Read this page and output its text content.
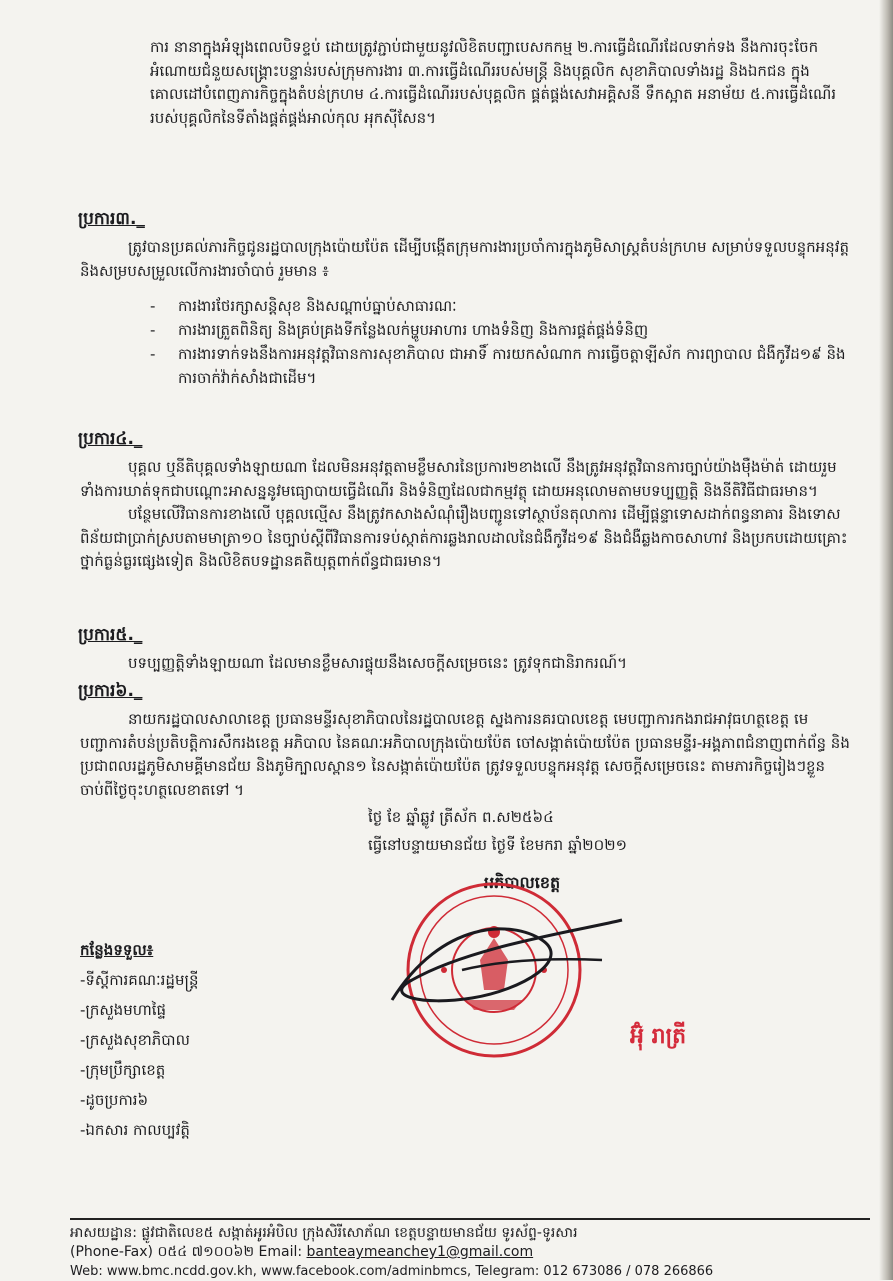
ការ នានាក្នុងអំឡុងពេលបិទខ្ទប់ ដោយត្រូវភ្ជាប់ជាមួយនូវលិខិតបញ្ជាបេសកកម្ម ២.ការធ្វើដំណើរដែលទាក់ទង នឹងការចុះចែកអំណោយជំនួយសង្គ្រោះបន្ទាន់របស់ក្រុមការងារ ៣.ការធ្វើដំណើររបស់មន្ត្រី និងបុគ្គលិក សុខាភិបាលទាំងរដ្ឋ និងឯកជន ក្នុងគោលដៅបំពេញភារកិច្ចក្នុងតំបន់ក្រហម ៤.ការធ្វើដំណើររបស់បុគ្គលិក ផ្គត់ផ្គង់សេវាអគ្គិសនី ទឹកស្អាត អនាម័យ ៥.ការធ្វើដំណើររបស់បុគ្គលិកនៃទីតាំងផ្គត់ផ្គង់អាល់កុល អុកស៊ីសែន។

ប្រការ៣._

ត្រូវបានប្រគល់ភារកិច្ចជូនរដ្ឋបាលក្រុងប៉ោយប៉ែត ដើម្បីបង្កើតក្រុមការងារប្រចាំការក្នុងភូមិសាស្ត្រតំបន់ក្រហម សម្រាប់ទទួលបន្ទុកអនុវត្ត និងសម្របសម្រួលលើការងារចាំបាច់ រួមមាន ៖

- ការងារថែរក្សាសន្តិសុខ និងសណ្តាប់ធ្នាប់សាធារណៈ
- ការងារត្រួតពិនិត្យ និងគ្រប់គ្រងទីកន្លែងលក់ម្ហូបអាហារ ហាងទំនិញ និងការផ្គត់ផ្គង់ទំនិញ
- ការងារទាក់ទងនឹងការអនុវត្តវិធានការសុខាភិបាល ជាអាទិ៍ ការយកសំណាក ការធ្វើចត្តាឡីស័ក ការព្យាបាល ជំងឺកូវីដ១៩ និងការចាក់វ៉ាក់សាំងជាដើម។
ប្រការ៤._

បុគ្គល ឬនីតិបុគ្គលទាំងឡាយណា ដែលមិនអនុវត្តតាមខ្លឹមសារនៃប្រការ២ខាងលើ នឹងត្រូវអនុវត្តវិធានការច្បាប់យ៉ាងម៉ឺងម៉ាត់ ដោយរួមទាំងការឃាត់ទុកជាបណ្តោះអាសន្ននូវមធ្យោបាយធ្វើដំណើរ និងទំនិញដែលជាកម្មវត្ថុ ដោយអនុលោមតាមបទប្បញ្ញត្តិ និងនីតិវិធីជាធរមាន។

បន្ថែមលើវិធានការខាងលើ បុគ្គលល្មើស នឹងត្រូវកសាងសំណុំរឿងបញ្ជូនទៅស្ថាប័នតុលាការ ដើម្បីផ្តន្ទាទោសដាក់ពន្ធនាគារ និងទោសពិន័យជាប្រាក់ស្របតាមមាត្រា១០ នៃច្បាប់ស្តីពីវិធានការទប់ស្កាត់ការឆ្លងរាលដាលនៃជំងឺកូវីដ១៩ និងជំងឺឆ្លងកាចសាហាវ និងប្រកបដោយគ្រោះថ្នាក់ធ្ងន់ធ្ងរផ្សេងទៀត និងលិខិតបទដ្ឋានគតិយុត្តពាក់ព័ន្ធជាធរមាន។

ប្រការ៥._

បទប្បញ្ញត្តិទាំងឡាយណា ដែលមានខ្លឹមសារផ្ទុយនឹងសេចក្តីសម្រេចនេះ ត្រូវទុកជានិរាករណ៍។

ប្រការ៦._

នាយករដ្ឋបាលសាលាខេត្ត ប្រធានមន្ទីរសុខាភិបាលនៃរដ្ឋបាលខេត្ត ស្នងការនគរបាលខេត្ត មេបញ្ជាការកងរាជអាវុធហត្ថខេត្ត មេបញ្ជាការតំបន់ប្រតិបត្តិការសឹករងខេត្ត អភិបាល នៃគណៈអភិបាលក្រុងប៉ោយប៉ែត ចៅសង្កាត់ប៉ោយប៉ែត ប្រធានមន្ទីរ-អង្គភាពជំនាញពាក់ព័ន្ធ និងប្រជាពលរដ្ឋភូមិសាមគ្គីមានជ័យ និងភូមិក្បាលស្ពាន១ នៃសង្កាត់ប៉ោយប៉ែត ត្រូវទទួលបន្ទុកអនុវត្ត សេចក្តីសម្រេចនេះ តាមភារកិច្ចរៀងៗខ្លួន ចាប់ពីថ្ងៃចុះហត្ថលេខាតទៅ ។

ថ្ងៃ ខែ ឆ្នាំឆ្លូវ ត្រីស័ក ព.ស២៥៦៤
ធ្វើនៅបន្ទាយមានជ័យ ថ្ងៃទី ខែមករា ឆ្នាំ២០២១
អភិបាលខេត្ត
អ៊ុំ រាត្រី
កន្លែងទទួល៖
-ទីស្តីការគណៈរដ្ឋមន្ត្រី
-ក្រសួងមហាផ្ទៃ
-ក្រសួងសុខាភិបាល
-ក្រុមប្រឹក្សាខេត្ត
-ដូចប្រការ៦
-ឯកសារ កាលប្បវត្តិ
អាសយដ្ឋាន: ផ្លូវជាតិលេខ៥ សង្កាត់អូរអំបិល ក្រុងសិរីសោភ័ណ ខេត្តបន្ទាយមានជ័យ ទូរស័ព្ទ-ទូរសារ
(Phone-Fax) ០៥៤ ៧១០០៦២ Email: banteaymeanchey1@gmail.com
Web: www.bmc.ncdd.gov.kh, www.facebook.com/adminbmcs, Telegram: 012 673086 / 078 266866
